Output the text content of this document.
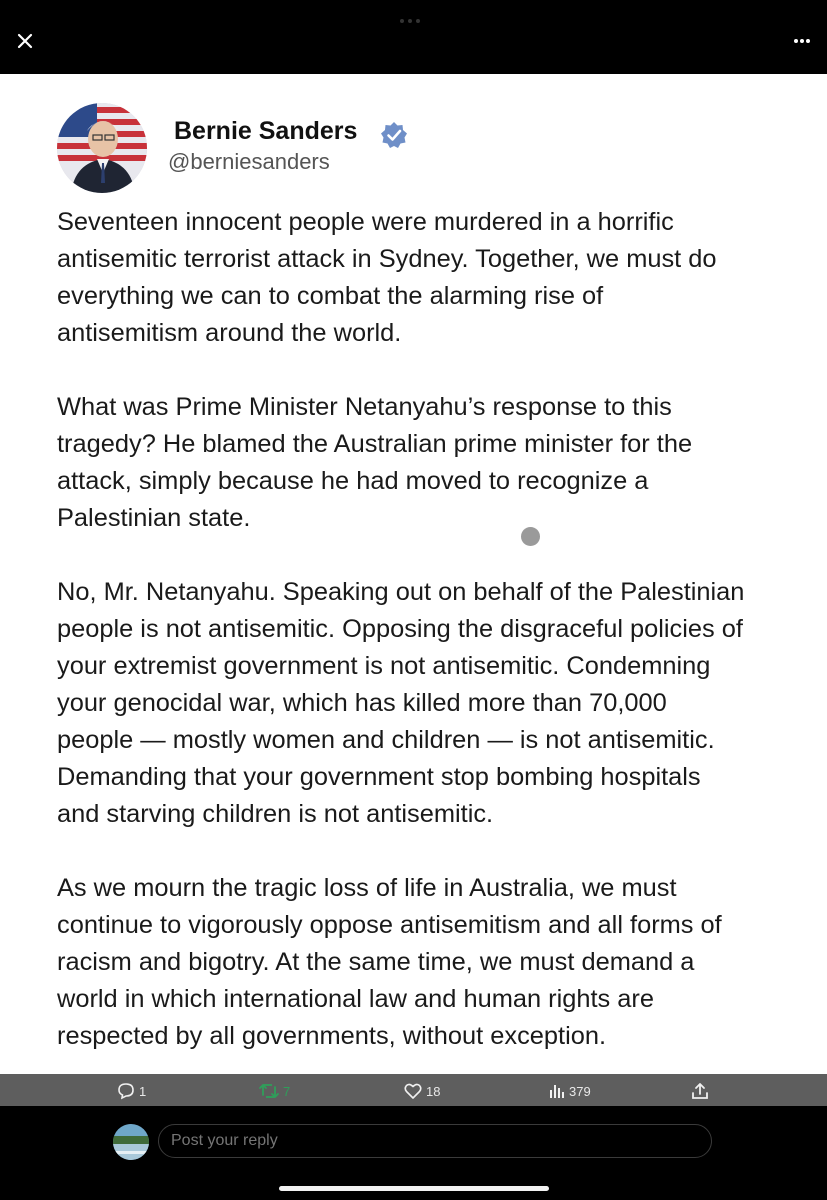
Bernie Sanders
@berniesanders

Seventeen innocent people were murdered in a horrific
antisemitic terrorist attack in Sydney. Together, we must do
everything we can to combat the alarming rise of
antisemitism around the world.

What was Prime Minister Netanyahu’s response to this
tragedy? He blamed the Australian prime minister for the
attack, simply because he had moved to recognize a
Palestinian state.

No, Mr. Netanyahu. Speaking out on behalf of the Palestinian
people is not antisemitic. Opposing the disgraceful policies of
your extremist government is not antisemitic. Condemning
your genocidal war, which has killed more than 70,000
people — mostly women and children — is not antisemitic.
Demanding that your government stop bombing hospitals
and starving children is not antisemitic.

As we mourn the tragic loss of life in Australia, we must
continue to vigorously oppose antisemitism and all forms of
racism and bigotry. At the same time, we must demand a
world in which international law and human rights are
respected by all governments, without exception.

1	7	18	379
Post your reply
